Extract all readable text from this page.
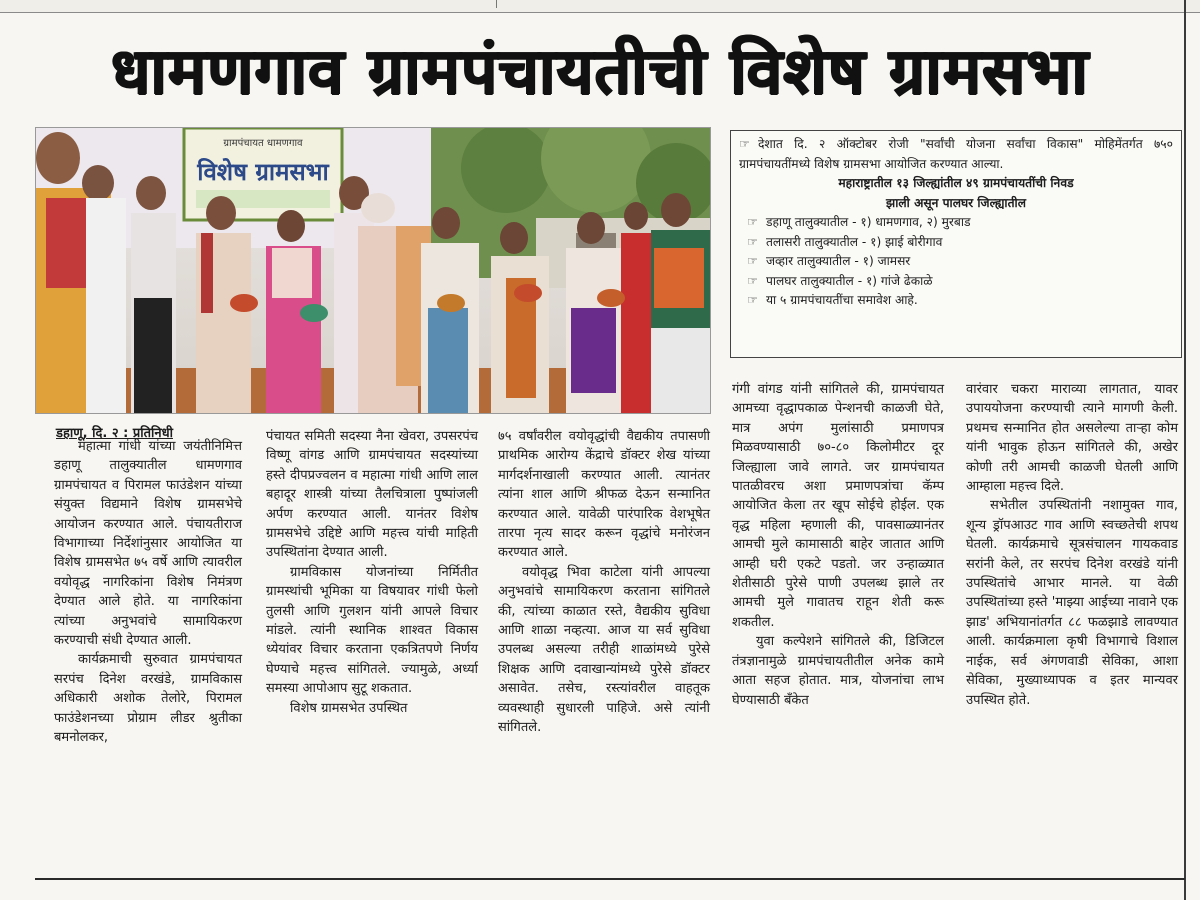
धामणगाव ग्रामपंचायतीची विशेष ग्रामसभा
ग्रामपंचायत धामणगाव
विशेष ग्रामसभा

☞ देशात दि. २ ऑक्टोबर रोजी "सर्वांची योजना सर्वांचा विकास" मोहिमेंतर्गत ७५० ग्रामपंचायतींमध्ये विशेष ग्रामसभा आयोजित करण्यात आल्या.

महाराष्ट्रातील १३ जिल्ह्यांतील ४९ ग्रामपंचायतींची निवड

झाली असून पालघर जिल्ह्यातील

☞ डहाणू तालुक्यातील - १) धामणगाव, २) मुरबाड
☞ तलासरी तालुक्यातील - १) झाई बोरीगाव
☞ जव्हार तालुक्यातील - १) जामसर
☞ पालघर तालुक्यातील - १) गांजे ढेकाळे
☞ या ५ ग्रामपंचायतींचा समावेश आहे.
डहाणू, दि. २ : प्रतिनिधी

महात्मा गांधी यांच्या जयंतीनिमित्त डहाणू तालुक्यातील धामणगाव ग्रामपंचायत व पिरामल फाउंडेशन यांच्या संयुक्त विद्यमाने विशेष ग्रामसभेचे आयोजन करण्यात आले. पंचायतीराज विभागाच्या निर्देशांनुसार आयोजित या विशेष ग्रामसभेत ७५ वर्षे आणि त्यावरील वयोवृद्ध नागरिकांना विशेष निमंत्रण देण्यात आले होते. या नागरिकांना त्यांच्या अनुभवांचे सामायिकरण करण्याची संधी देण्यात आली.

कार्यक्रमाची सुरुवात ग्रामपंचायत सरपंच दिनेश वरखंडे, ग्रामविकास अधिकारी अशोक तेलोरे, पिरामल फाउंडेशनच्या प्रोग्राम लीडर श्रुतीका बमनोलकर,

पंचायत समिती सदस्या नैना खेवरा, उपसरपंच विष्णू वांगड आणि ग्रामपंचायत सदस्यांच्या हस्ते दीपप्रज्वलन व महात्मा गांधी आणि लाल बहादूर शास्त्री यांच्या तैलचित्राला पुष्पांजली अर्पण करण्यात आली. यानंतर विशेष ग्रामसभेचे उद्दिष्टे आणि महत्त्व यांची माहिती उपस्थितांना देण्यात आली.

ग्रामविकास योजनांच्या निर्मितीत ग्रामस्थांची भूमिका या विषयावर गांधी फेलो तुलसी आणि गुलशन यांनी आपले विचार मांडले. त्यांनी स्थानिक शाश्वत विकास ध्येयांवर विचार करताना एकत्रितपणे निर्णय घेण्याचे महत्त्व सांगितले. ज्यामुळे, अर्ध्या समस्या आपोआप सुटू शकतात.

विशेष ग्रामसभेत उपस्थित

७५ वर्षांवरील वयोवृद्धांची वैद्यकीय तपासणी प्राथमिक आरोग्य केंद्राचे डॉक्टर शेख यांच्या मार्गदर्शनाखाली करण्यात आली. त्यानंतर त्यांना शाल आणि श्रीफळ देऊन सन्मानित करण्यात आले. यावेळी पारंपारिक वेशभूषेत तारपा नृत्य सादर करून वृद्धांचे मनोरंजन करण्यात आले.

वयोवृद्ध भिवा काटेला यांनी आपल्या अनुभवांचे सामायिकरण करताना सांगितले की, त्यांच्या काळात रस्ते, वैद्यकीय सुविधा आणि शाळा नव्हत्या. आज या सर्व सुविधा उपलब्ध असल्या तरीही शाळांमध्ये पुरेसे शिक्षक आणि दवाखान्यांमध्ये पुरेसे डॉक्टर असावेत. तसेच, रस्त्यांवरील वाहतूक व्यवस्थाही सुधारली पाहिजे. असे त्यांनी सांगितले.

गंगी वांगड यांनी सांगितले की, ग्रामपंचायत आमच्या वृद्धापकाळ पेन्शनची काळजी घेते, मात्र अपंग मुलांसाठी प्रमाणपत्र मिळवण्यासाठी ७०-८० किलोमीटर दूर जिल्ह्याला जावे लागते. जर ग्रामपंचायत पातळीवरच अशा प्रमाणपत्रांचा कॅम्प आयोजित केला तर खूप सोईचे होईल. एक वृद्ध महिला म्हणाली की, पावसाळ्यानंतर आमची मुले कामासाठी बाहेर जातात आणि आम्ही घरी एकटे पडतो. जर उन्हाळ्यात शेतीसाठी पुरेसे पाणी उपलब्ध झाले तर आमची मुले गावातच राहून शेती करू शकतील.

युवा कल्पेशने सांगितले की, डिजिटल तंत्रज्ञानामुळे ग्रामपंचायतीतील अनेक कामे आता सहज होतात. मात्र, योजनांचा लाभ घेण्यासाठी बँकेत

वारंवार चकरा माराव्या लागतात, यावर उपाययोजना करण्याची त्याने मागणी केली. प्रथमच सन्मानित होत असलेल्या ताऱ्हा कोम यांनी भावुक होऊन सांगितले की, अखेर कोणी तरी आमची काळजी घेतली आणि आम्हाला महत्त्व दिले.

सभेतील उपस्थितांनी नशामुक्त गाव, शून्य ड्रॉपआउट गाव आणि स्वच्छतेची शपथ घेतली. कार्यक्रमाचे सूत्रसंचालन गायकवाड सरांनी केले, तर सरपंच दिनेश वरखंडे यांनी उपस्थितांचे आभार मानले. या वेळी उपस्थितांच्या हस्ते 'माझ्या आईच्या नावाने एक झाड' अभियानांतर्गत ८८ फळझाडे लावण्यात आली. कार्यक्रमाला कृषी विभागाचे विशाल नाईक, सर्व अंगणवाडी सेविका, आशा सेविका, मुख्याध्यापक व इतर मान्यवर उपस्थित होते.
